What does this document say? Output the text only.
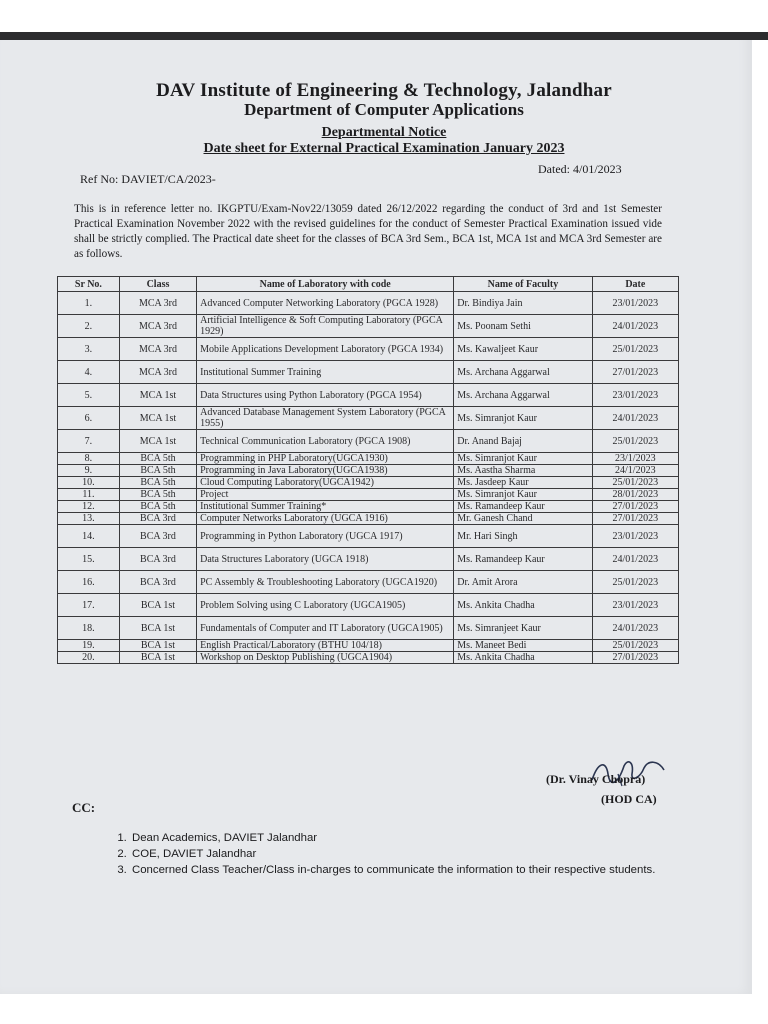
DAV Institute of Engineering & Technology, Jalandhar
Department of Computer Applications
Departmental Notice
Date sheet for External Practical Examination January 2023
Ref No: DAVIET/CA/2023-
Dated: 4/01/2023
This is in reference letter no. IKGPTU/Exam-Nov22/13059 dated 26/12/2022 regarding the conduct of 3rd and 1st Semester Practical Examination November 2022 with the revised guidelines for the conduct of Semester Practical Examination issued vide shall be strictly complied. The Practical date sheet for the classes of BCA 3rd Sem., BCA 1st, MCA 1st and MCA 3rd Semester are as follows.
Sr No.	Class	Name of Laboratory with code	Name of Faculty	Date
1.	MCA 3rd	Advanced Computer Networking Laboratory (PGCA 1928)	Dr. Bindiya Jain	23/01/2023
2.	MCA 3rd	Artificial Intelligence & Soft Computing Laboratory (PGCA 1929)	Ms. Poonam Sethi	24/01/2023
3.	MCA 3rd	Mobile Applications Development Laboratory (PGCA 1934)	Ms. Kawaljeet Kaur	25/01/2023
4.	MCA 3rd	Institutional Summer Training	Ms. Archana Aggarwal	27/01/2023
5.	MCA 1st	Data Structures using Python Laboratory (PGCA 1954)	Ms. Archana Aggarwal	23/01/2023
6.	MCA 1st	Advanced Database Management System Laboratory (PGCA 1955)	Ms. Simranjot Kaur	24/01/2023
7.	MCA 1st	Technical Communication Laboratory (PGCA 1908)	Dr. Anand Bajaj	25/01/2023
8.	BCA 5th	Programming in PHP Laboratory(UGCA1930)	Ms. Simranjot Kaur	23/1/2023
9.	BCA 5th	Programming in Java Laboratory(UGCA1938)	Ms. Aastha Sharma	24/1/2023
10.	BCA 5th	Cloud Computing Laboratory(UGCA1942)	Ms. Jasdeep Kaur	25/01/2023
11.	BCA 5th	Project	Ms. Simranjot Kaur	28/01/2023
12.	BCA 5th	Institutional Summer Training*	Ms. Ramandeep Kaur	27/01/2023
13.	BCA 3rd	Computer Networks Laboratory (UGCA 1916)	Mr. Ganesh Chand	27/01/2023
14.	BCA 3rd	Programming in Python Laboratory (UGCA 1917)	Mr. Hari Singh	23/01/2023
15.	BCA 3rd	Data Structures Laboratory (UGCA 1918)	Ms. Ramandeep Kaur	24/01/2023
16.	BCA 3rd	PC Assembly & Troubleshooting Laboratory (UGCA1920)	Dr. Amit Arora	25/01/2023
17.	BCA 1st	Problem Solving using C Laboratory (UGCA1905)	Ms. Ankita Chadha	23/01/2023
18.	BCA 1st	Fundamentals of Computer and IT Laboratory (UGCA1905)	Ms. Simranjeet Kaur	24/01/2023
19.	BCA 1st	English Practical/Laboratory (BTHU 104/18)	Ms. Maneet Bedi	25/01/2023
20.	BCA 1st	Workshop on Desktop Publishing (UGCA1904)	Ms. Ankita Chadha	27/01/2023
(Dr. Vinay Chopra)
(HOD CA)
CC:
1. Dean Academics, DAVIET Jalandhar
2. COE, DAVIET Jalandhar
3. Concerned Class Teacher/Class in-charges to communicate the information to their respective students.
